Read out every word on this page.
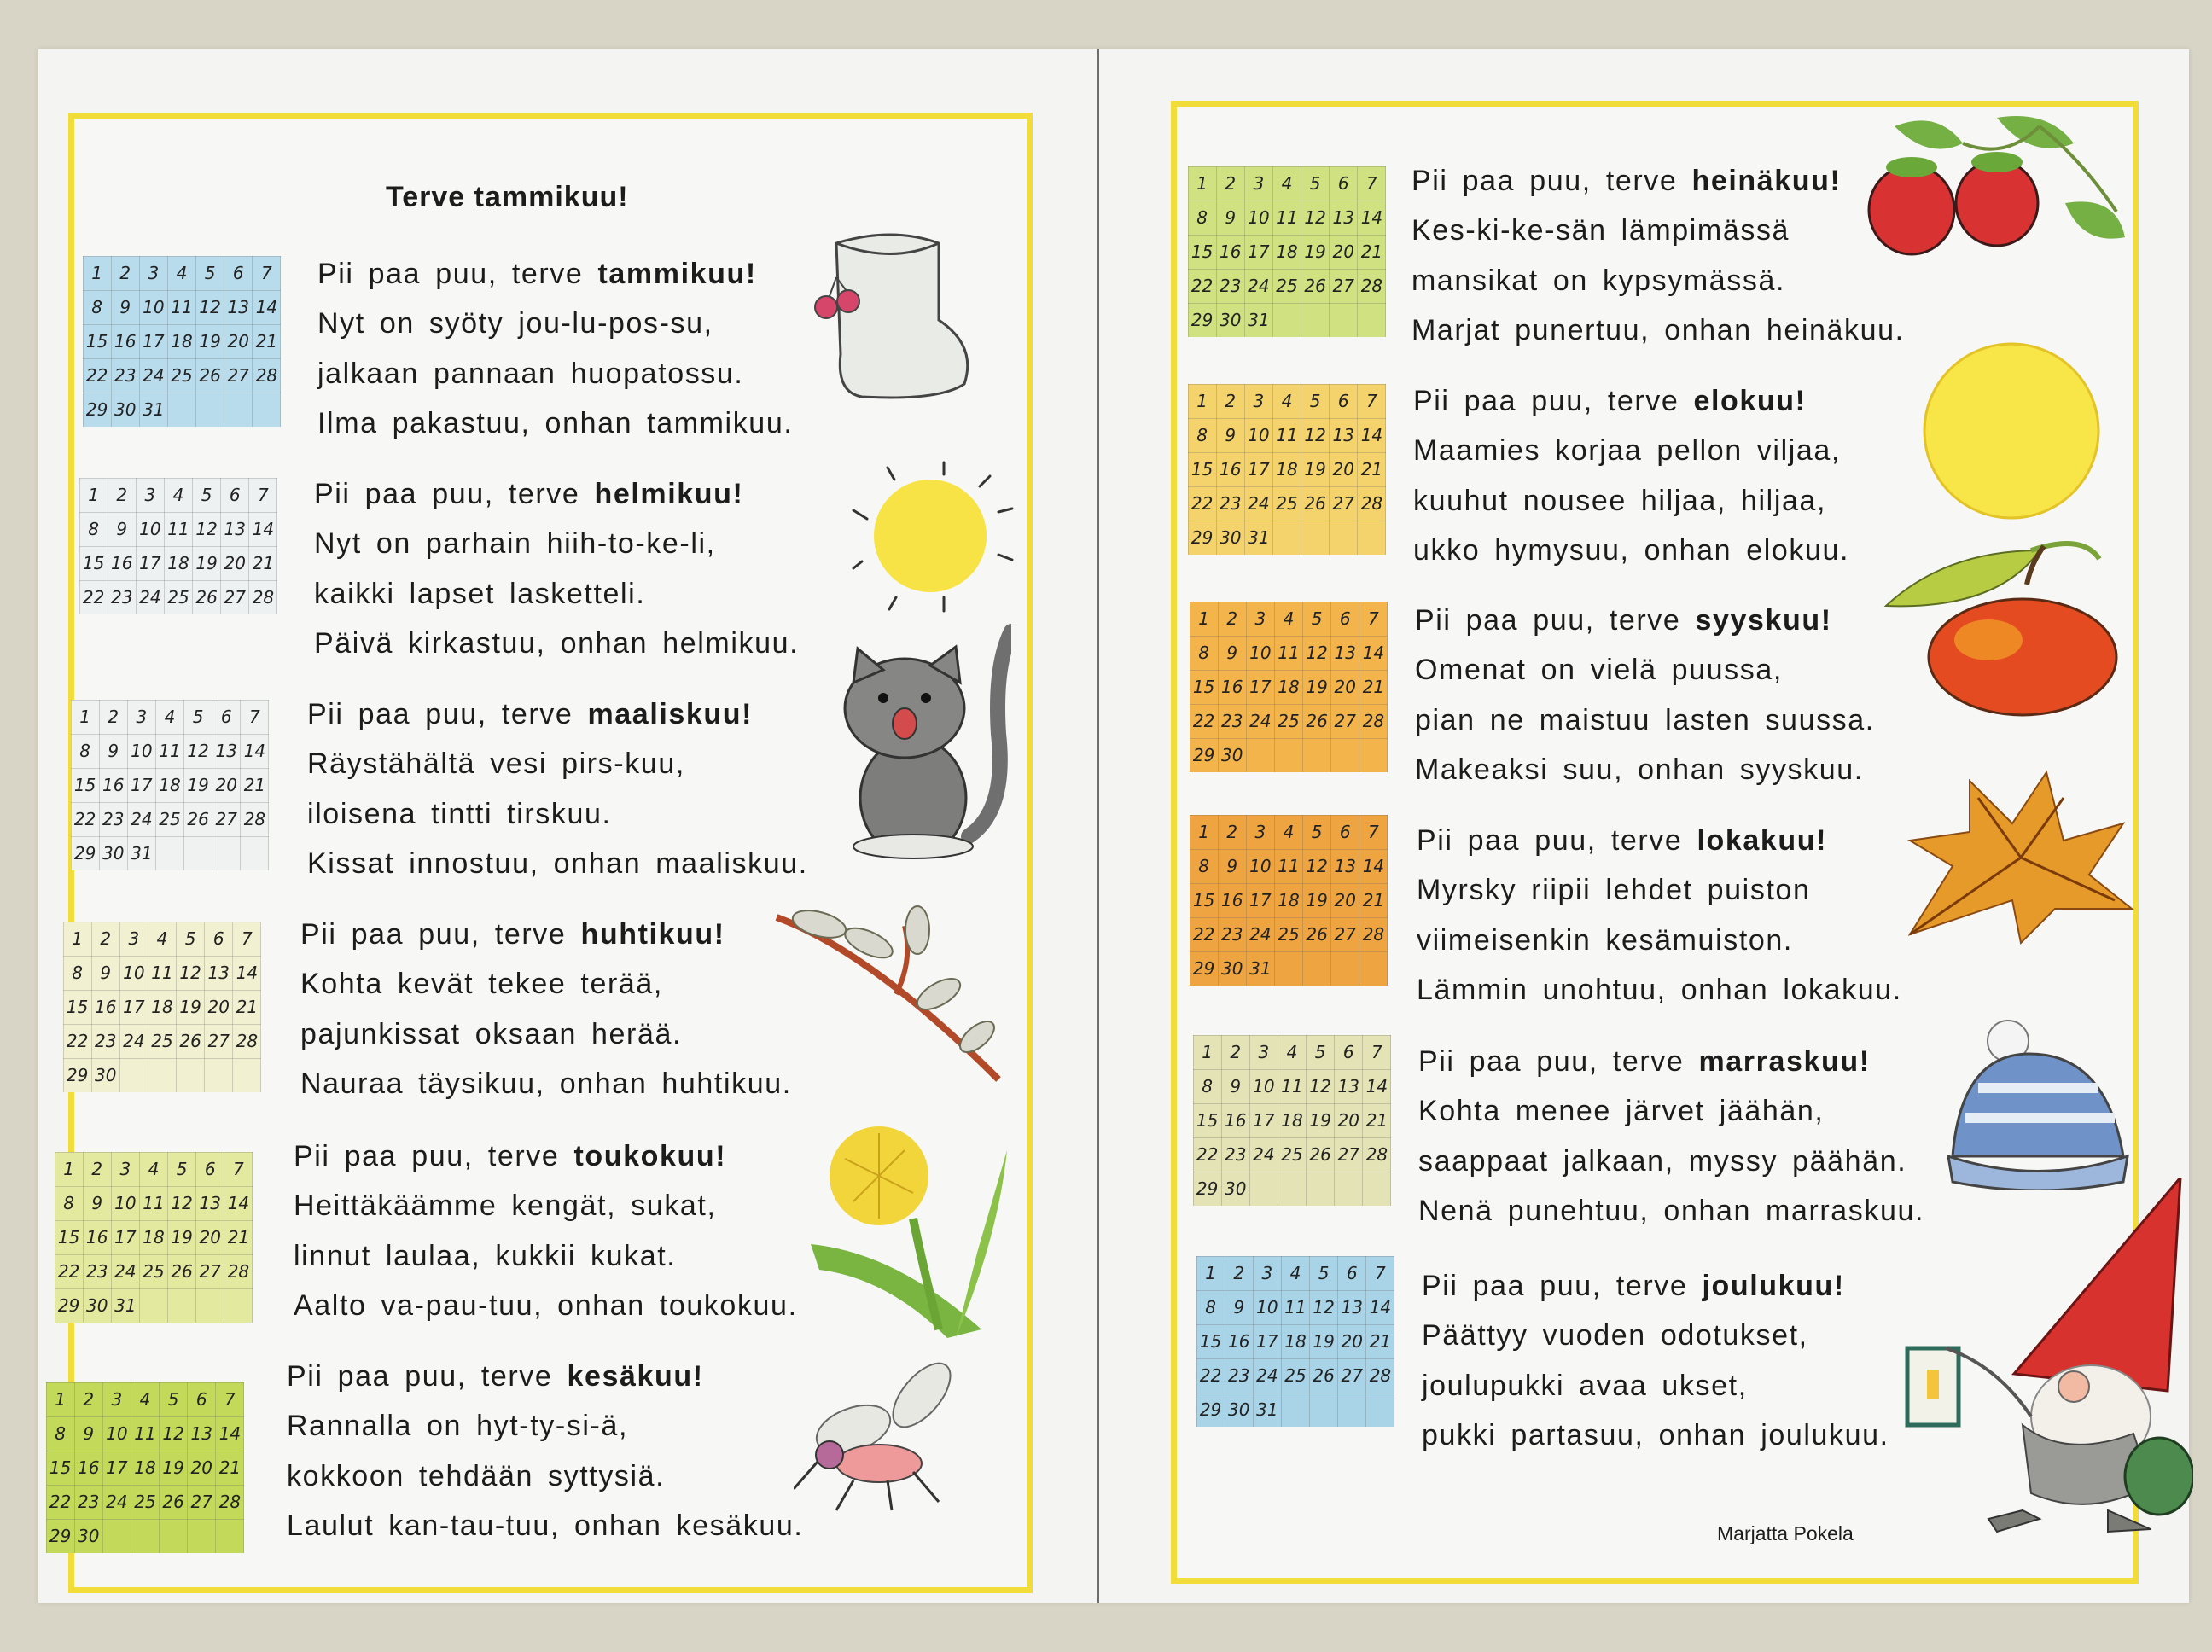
Terve tammikuu!
1	2	3	4	5	6	7
8	9 10 11 12 13 14
15 16 17 18 19 20 21
22 23 24 25 26 27 28
29 30 31
Pii paa puu, terve tammikuu!
Nyt on syöty jou-lu-pos-su,
jalkaan pannaan huopatossu.
Ilma pakastuu, onhan tammikuu.
1	2	3	4	5	6	7
8	9 10 11 12 13 14
15 16 17 18 19 20 21
22 23 24 25 26 27 28
Pii paa puu, terve helmikuu!
Nyt on parhain hiih-to-ke-li,
kaikki lapset lasketteli.
Päivä kirkastuu, onhan helmikuu.
1	2	3	4	5	6	7
8	9 10 11 12 13 14
15 16 17 18 19 20 21
22 23 24 25 26 27 28
29 30 31
Pii paa puu, terve maaliskuu!
Räystähältä vesi pirs-kuu,
iloisena tintti tirskuu.
Kissat innostuu, onhan maaliskuu.
1	2	3	4	5	6	7
8	9 10 11 12 13 14
15 16 17 18 19 20 21
22 23 24 25 26 27 28
29 30
Pii paa puu, terve huhtikuu!
Kohta kevät tekee terää,
pajunkissat oksaan herää.
Nauraa täysikuu, onhan huhtikuu.
1	2	3	4	5	6	7
8	9 10 11 12 13 14
15 16 17 18 19 20 21
22 23 24 25 26 27 28
29 30 31
Pii paa puu, terve toukokuu!
Heittäkäämme kengät, sukat,
linnut laulaa, kukkii kukat.
Aalto va-pau-tuu, onhan toukokuu.
1	2	3	4	5	6	7
8	9 10 11 12 13 14
15 16 17 18 19 20 21
22 23 24 25 26 27 28
29 30
Pii paa puu, terve kesäkuu!
Rannalla on hyt-ty-si-ä,
kokkoon tehdään syttysiä.
Laulut kan-tau-tuu, onhan kesäkuu.
1	2	3	4	5	6	7
8	9 10 11 12 13 14
15 16 17 18 19 20 21
22 23 24 25 26 27 28
29 30 31
Pii paa puu, terve heinäkuu!
Kes-ki-ke-sän lämpimässä
mansikat on kypsymässä.
Marjat punertuu, onhan heinäkuu.
1	2	3	4	5	6	7
8	9 10 11 12 13 14
15 16 17 18 19 20 21
22 23 24 25 26 27 28
29 30 31
Pii paa puu, terve elokuu!
Maamies korjaa pellon viljaa,
kuuhut nousee hiljaa, hiljaa,
ukko hymysuu, onhan elokuu.
1	2	3	4	5	6	7
8	9 10 11 12 13 14
15 16 17 18 19 20 21
22 23 24 25 26 27 28
29 30
Pii paa puu, terve syyskuu!
Omenat on vielä puussa,
pian ne maistuu lasten suussa.
Makeaksi suu, onhan syyskuu.
1	2	3	4	5	6	7
8	9 10 11 12 13 14
15 16 17 18 19 20 21
22 23 24 25 26 27 28
29 30 31
Pii paa puu, terve lokakuu!
Myrsky riipii lehdet puiston
viimeisenkin kesämuiston.
Lämmin unohtuu, onhan lokakuu.
1	2	3	4	5	6	7
8	9 10 11 12 13 14
15 16 17 18 19 20 21
22 23 24 25 26 27 28
29 30
Pii paa puu, terve marraskuu!
Kohta menee järvet jäähän,
saappaat jalkaan, myssy päähän.
Nenä punehtuu, onhan marraskuu.
1	2	3	4	5	6	7
8	9 10 11 12 13 14
15 16 17 18 19 20 21
22 23 24 25 26 27 28
29 30 31
Pii paa puu, terve joulukuu!
Päättyy vuoden odotukset,
joulupukki avaa ukset,
pukki partasuu, onhan joulukuu.
Marjatta Pokela
